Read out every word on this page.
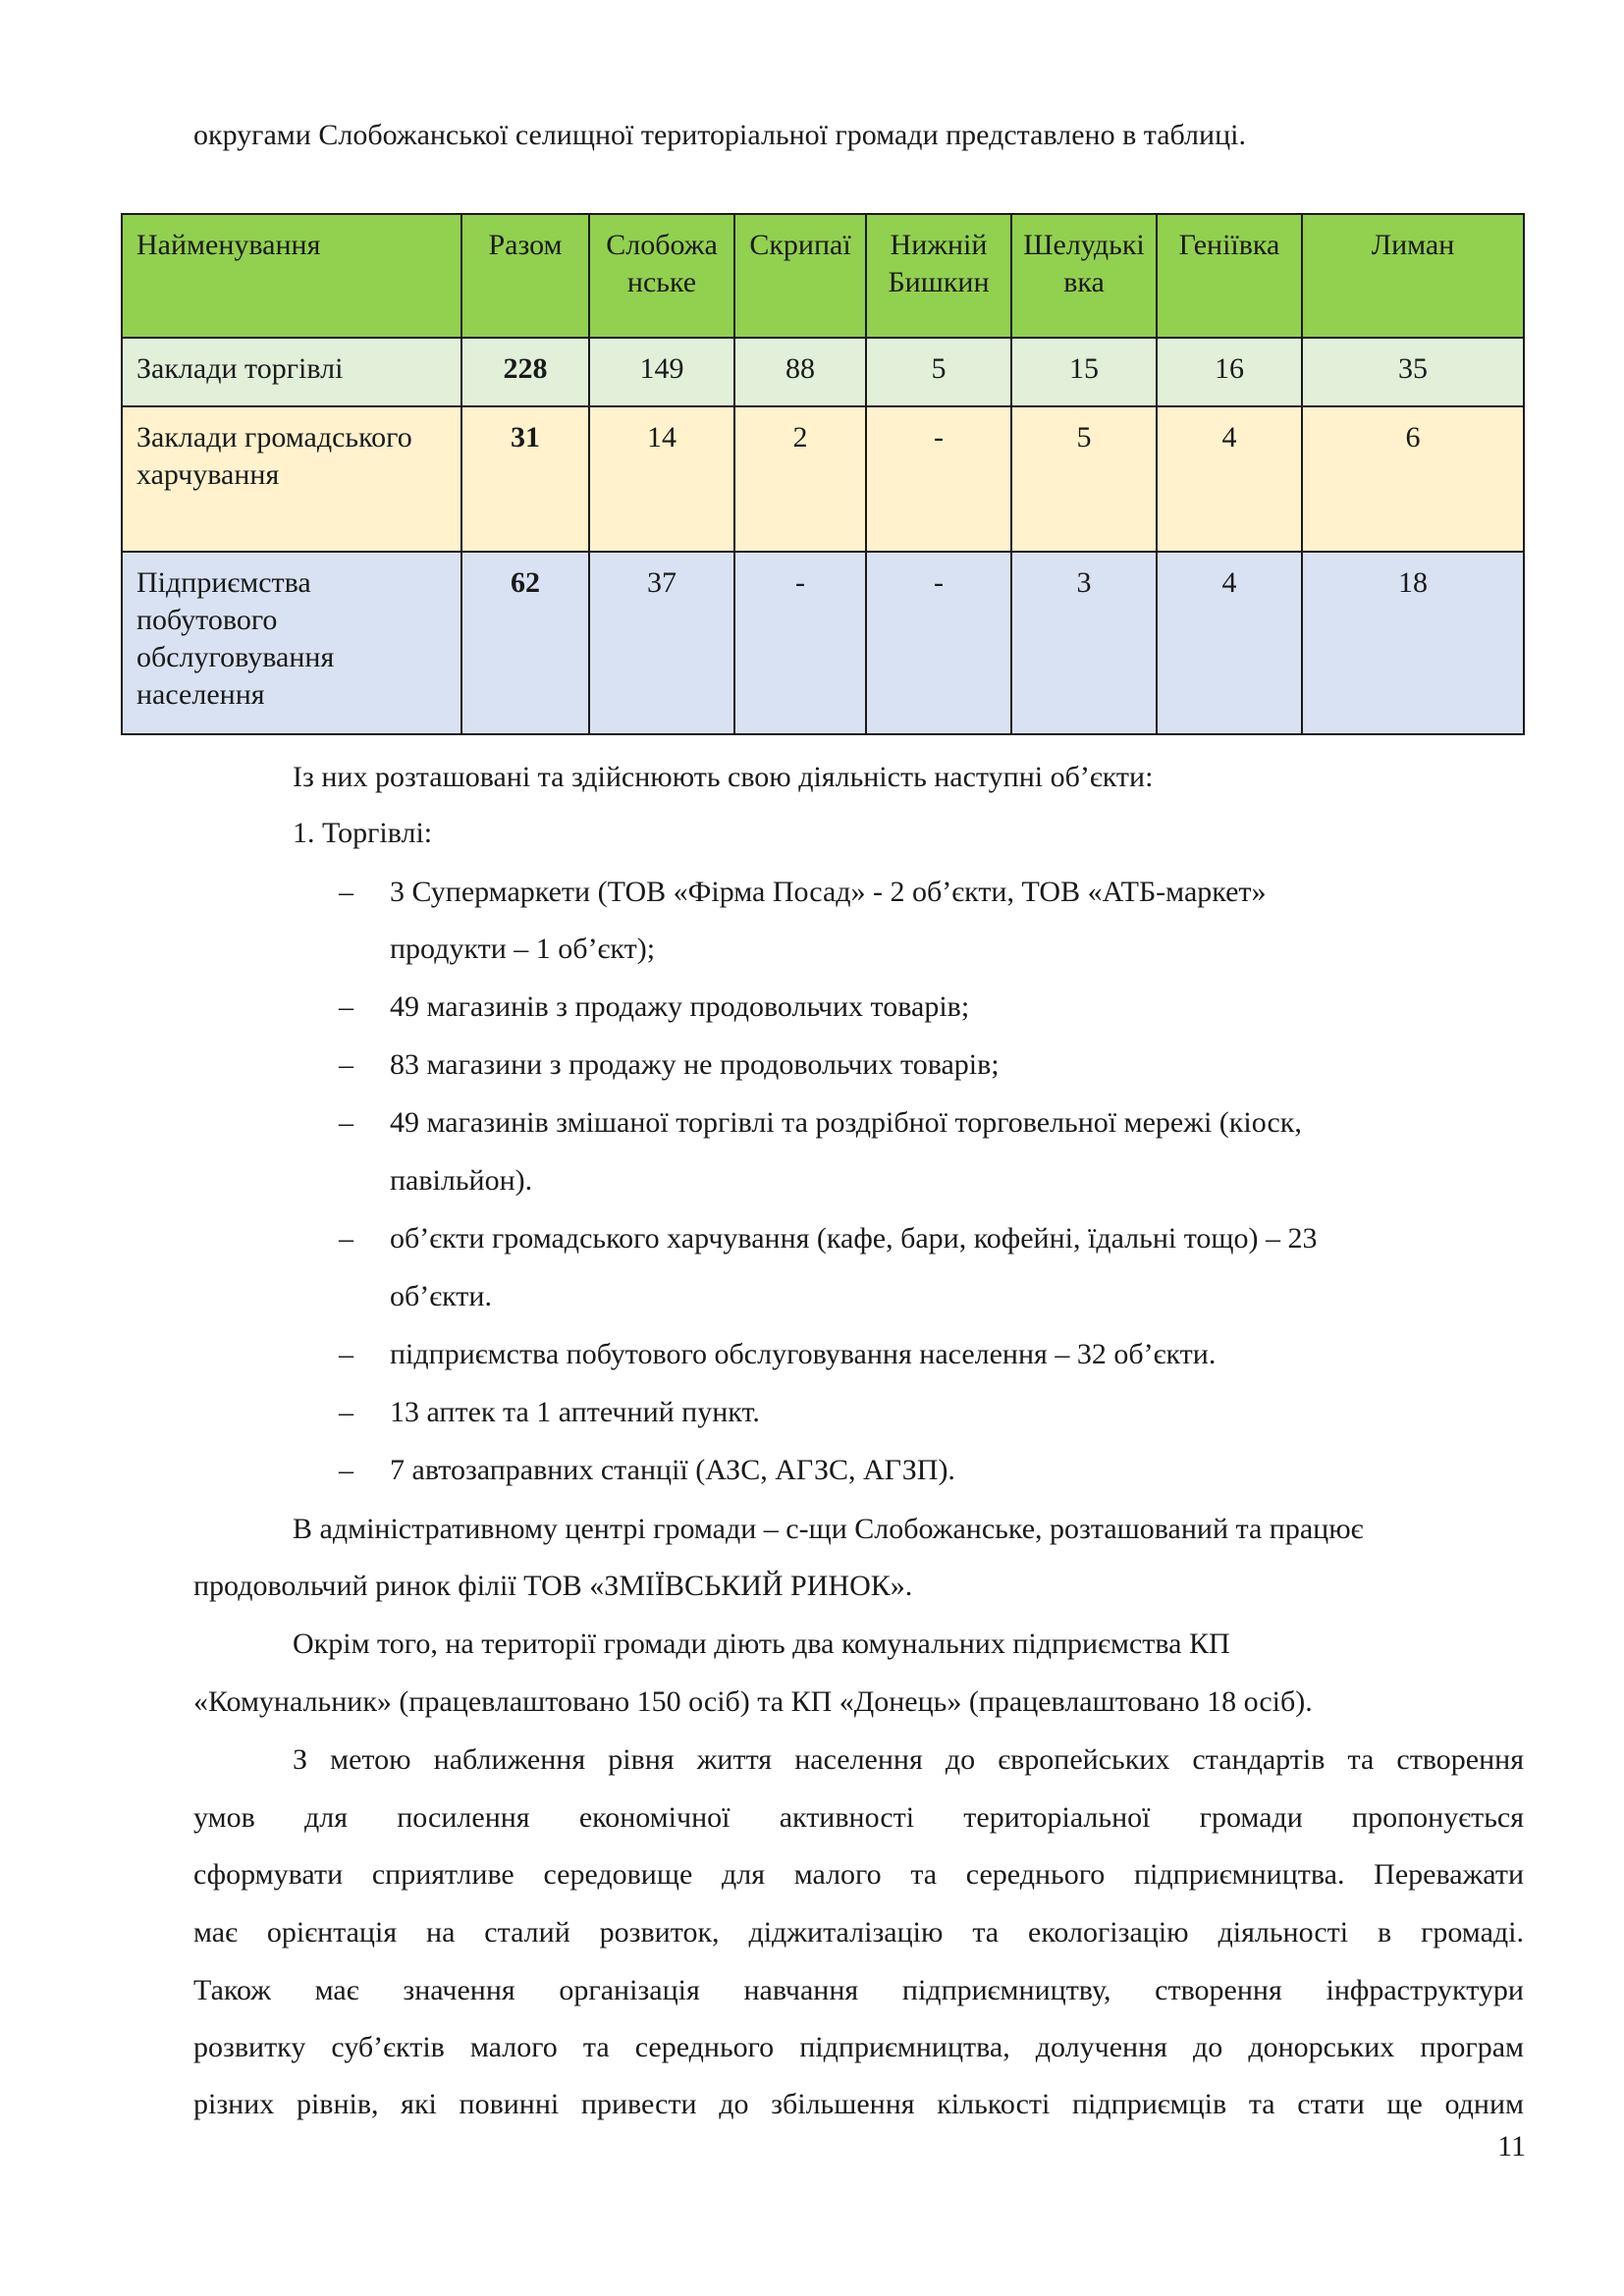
округами Слобожанської селищної територіальної громади представлено в таблиці.
Найменування	Разом	Слобожа нське	Скрипаї	Нижній Бишкин	Шелудькі вка	Геніївка	Лиман
Заклади торгівлі	228	149	88	5	15	16	35
Заклади громадського харчування	31	14	2	-	5	4	6
Підприємства побутового обслуговування населення	62	37	-	-	3	4	18
Із них розташовані та здійснюють свою діяльність наступні об’єкти:
1. Торгівлі:
– 3 Супермаркети (ТОВ «Фірма Посад» - 2 об’єкти, ТОВ «АТБ-маркет»
продукти – 1 об’єкт);
– 49 магазинів з продажу продовольчих товарів;
– 83 магазини з продажу не продовольчих товарів;
– 49 магазинів змішаної торгівлі та роздрібної торговельної мережі (кіоск,
павільйон).
– об’єкти громадського харчування (кафе, бари, кофейні, їдальні тощо) – 23
об’єкти.
– підприємства побутового обслуговування населення – 32 об’єкти.
– 13 аптек та 1 аптечний пункт.
– 7 автозаправних станції (АЗС, АГЗС, АГЗП).
В адміністративному центрі громади – с-щи Слобожанське, розташований та працює
продовольчий ринок філії ТОВ «ЗМІЇВСЬКИЙ РИНОК».
Окрім того, на території громади діють два комунальних підприємства КП
«Комунальник» (працевлаштовано 150 осіб) та КП «Донець» (працевлаштовано 18 осіб).
З метою наближення рівня життя населення до європейських стандартів та створення
умов для посилення економічної активності територіальної громади пропонується
сформувати сприятливе середовище для малого та середнього підприємництва. Переважати
має орієнтація на сталий розвиток, діджиталізацію та екологізацію діяльності в громаді.
Також має значення організація навчання підприємництву, створення інфраструктури
розвитку суб’єктів малого та середнього підприємництва, долучення до донорських програм
різних рівнів, які повинні привести до збільшення кількості підприємців та стати ще одним
11
